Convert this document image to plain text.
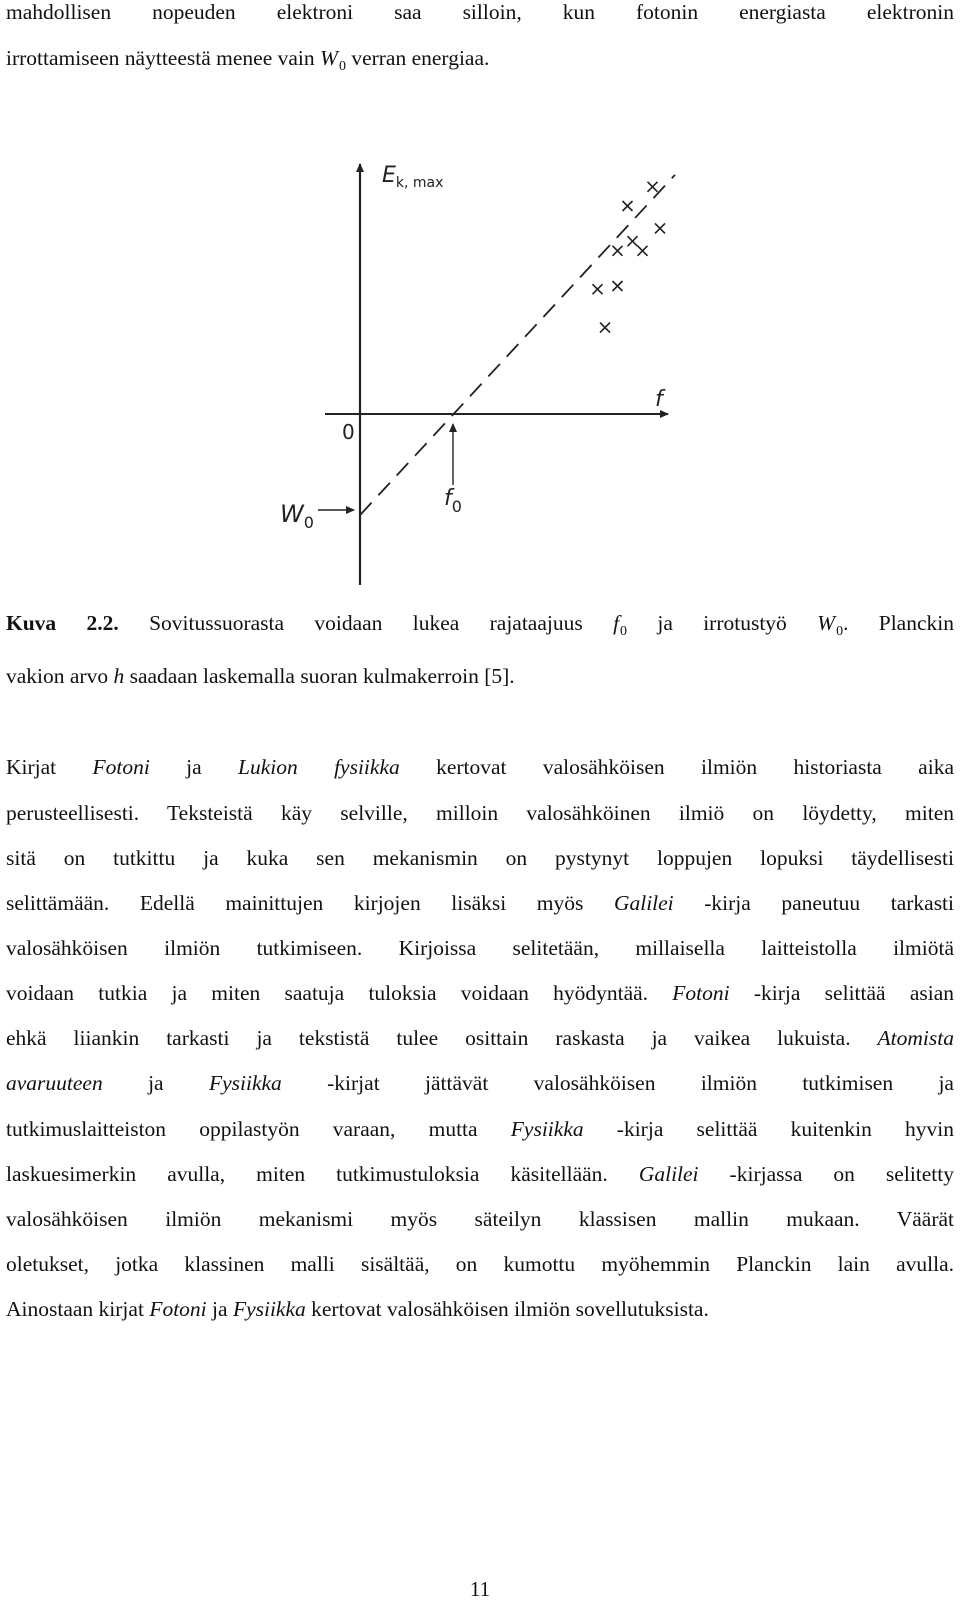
mahdollisen nopeuden elektroni saa silloin, kun fotonin energiasta elektronin

irrottamiseen näytteestä menee vain $W_0$ verran energiaa.

$E_{k, max}$
f
0
$W_0$
$f_0$

Kuva 2.2. Sovitussuorasta voidaan lukea rajataajuus $f_0$ ja irrotustyö $W_0$. Planckin

vakion arvo h saadaan laskemalla suoran kulmakerroin [5].

Kirjat Fotoni ja Lukion fysiikka kertovat valosähköisen ilmiön historiasta aika

perusteellisesti. Teksteistä käy selville, milloin valosähköinen ilmiö on löydetty, miten

sitä on tutkittu ja kuka sen mekanismin on pystynyt loppujen lopuksi täydellisesti

selittämään. Edellä mainittujen kirjojen lisäksi myös Galilei -kirja paneutuu tarkasti

valosähköisen ilmiön tutkimiseen. Kirjoissa selitetään, millaisella laitteistolla ilmiötä

voidaan tutkia ja miten saatuja tuloksia voidaan hyödyntää. Fotoni -kirja selittää asian

ehkä liiankin tarkasti ja tekstistä tulee osittain raskasta ja vaikea lukuista. Atomista

avaruuteen ja Fysiikka -kirjat jättävät valosähköisen ilmiön tutkimisen ja

tutkimuslaitteiston oppilastyön varaan, mutta Fysiikka -kirja selittää kuitenkin hyvin

laskuesimerkin avulla, miten tutkimustuloksia käsitellään. Galilei -kirjassa on selitetty

valosähköisen ilmiön mekanismi myös säteilyn klassisen mallin mukaan. Väärät

oletukset, jotka klassinen malli sisältää, on kumottu myöhemmin Planckin lain avulla.

Ainostaan kirjat Fotoni ja Fysiikka kertovat valosähköisen ilmiön sovellutuksista.

11
